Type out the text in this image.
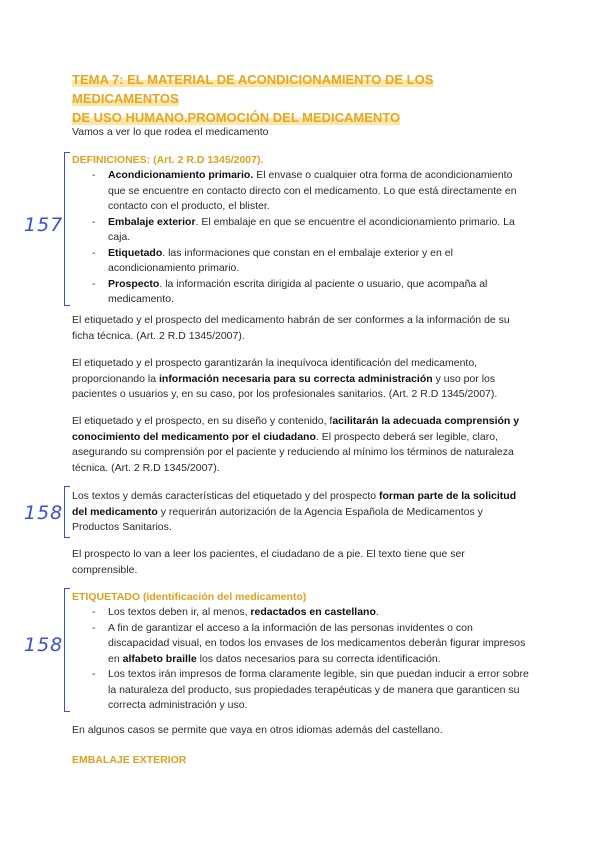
TEMA 7: EL MATERIAL DE ACONDICIONAMIENTO DE LOS MEDICAMENTOS
DE USO HUMANO.PROMOCIÓN DEL MEDICAMENTO
Vamos a ver lo que rodea el medicamento
157
DEFINICIONES: (Art. 2 R.D 1345/2007).
- Acondicionamiento primario. El envase o cualquier otra forma de acondicionamiento que se encuentre en contacto directo con el medicamento. Lo que está directamente en contacto con el producto, el blister.
- Embalaje exterior. El embalaje en que se encuentre el acondicionamiento primario. La caja.
- Etiquetado. las informaciones que constan en el embalaje exterior y en el acondicionamiento primario.
- Prospecto. la información escrita dirigida al paciente o usuario, que acompaña al medicamento.
El etiquetado y el prospecto del medicamento habrán de ser conformes a la información de su ficha técnica. (Art. 2 R.D 1345/2007).
El etiquetado y el prospecto garantizarán la inequívoca identificación del medicamento, proporcionando la información necesaria para su correcta administración y uso por los pacientes o usuarios y, en su caso, por los profesionales sanitarios. (Art. 2 R.D 1345/2007).
El etiquetado y el prospecto, en su diseño y contenido, facilitarán la adecuada comprensión y conocimiento del medicamento por el ciudadano. El prospecto deberá ser legible, claro, asegurando su comprensión por el paciente y reduciendo al mínimo los términos de naturaleza técnica. (Art. 2 R.D 1345/2007).
158
Los textos y demás características del etiquetado y del prospecto forman parte de la solicitud del medicamento y requerirán autorización de la Agencia Española de Medicamentos y Productos Sanitarios.
El prospecto lo van a leer los pacientes, el ciudadano de a pie. El texto tiene que ser comprensible.
158
ETIQUETADO (identificación del medicamento)
- Los textos deben ir, al menos, redactados en castellano.
- A fin de garantizar el acceso a la información de las personas invidentes o con discapacidad visual, en todos los envases de los medicamentos deberán figurar impresos en alfabeto braille los datos necesarios para su correcta identificación.
- Los textos irán impresos de forma claramente legible, sin que puedan inducir a error sobre la naturaleza del producto, sus propiedades terapéuticas y de manera que garanticen su correcta administración y uso.
En algunos casos se permite que vaya en otros idiomas además del castellano.
EMBALAJE EXTERIOR
